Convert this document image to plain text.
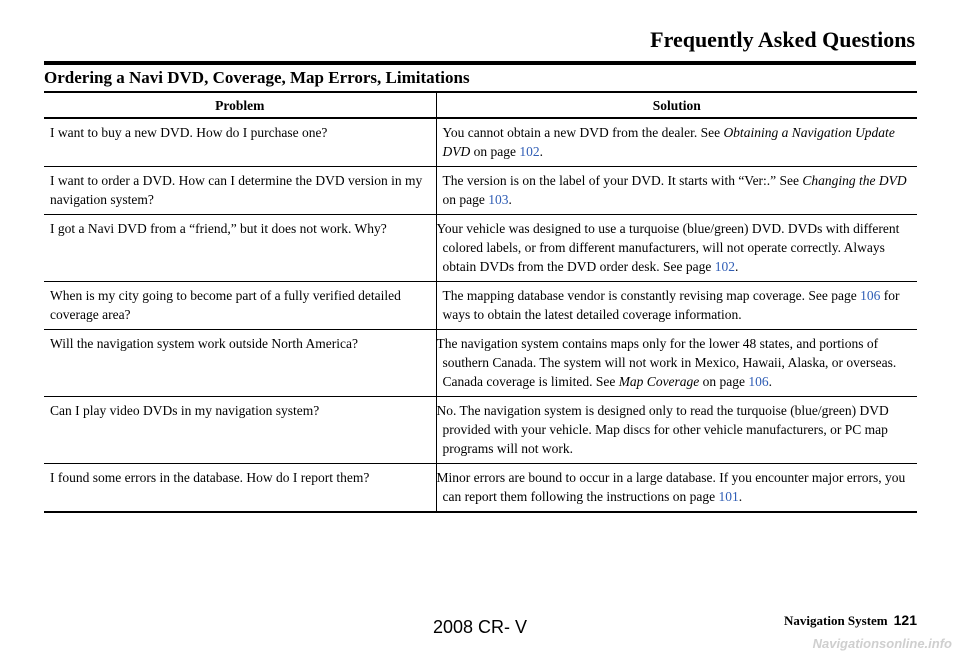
Frequently Asked Questions
Ordering a Navi DVD, Coverage, Map Errors, Limitations
Problem	Solution
I want to buy a new DVD. How do I purchase one?	You cannot obtain a new DVD from the dealer. See Obtaining a Navigation Update DVD on page 102.
I want to order a DVD. How can I determine the DVD version in my navigation system?	The version is on the label of your DVD. It starts with “Ver:.” See Changing the DVD on page 103.
I got a Navi DVD from a “friend,” but it does not work. Why?	Your vehicle was designed to use a turquoise (blue/green) DVD. DVDs with different colored labels, or from different manufacturers, will not operate correctly. Always obtain DVDs from the DVD order desk. See page 102.
When is my city going to become part of a fully verified detailed coverage area?	The mapping database vendor is constantly revising map coverage. See page 106 for ways to obtain the latest detailed coverage information.
Will the navigation system work outside North America?	The navigation system contains maps only for the lower 48 states, and portions of southern Canada. The system will not work in Mexico, Hawaii, Alaska, or overseas. Canada coverage is limited. See Map Coverage on page 106.
Can I play video DVDs in my navigation system?	No. The navigation system is designed only to read the turquoise (blue/green) DVD provided with your vehicle. Map discs for other vehicle manufacturers, or PC map programs will not work.
I found some errors in the database. How do I report them?	Minor errors are bound to occur in a large database. If you encounter major errors, you can report them following the instructions on page 101.
Navigation System 121
2008 CR- V
Navigationsonline.info
